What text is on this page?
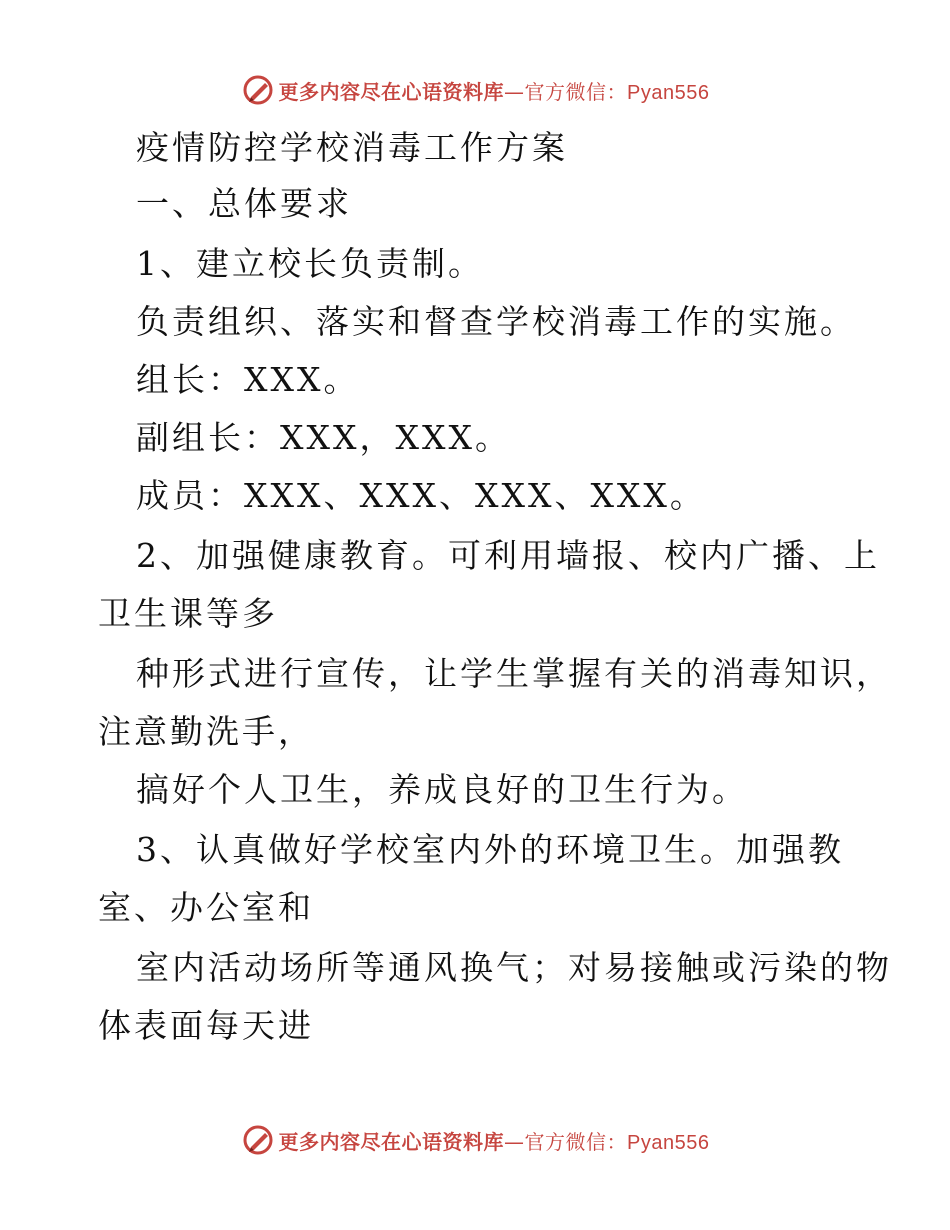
更多内容尽在心语资料库—官方微信：Pyan556
疫情防控学校消毒工作方案
一、总体要求
1、建立校长负责制。
负责组织、落实和督查学校消毒工作的实施。
组长：XXX。
副组长：XXX，XXX。
成员：XXX、XXX、XXX、XXX。
2、加强健康教育。可利用墙报、校内广播、上
卫生课等多
种形式进行宣传，让学生掌握有关的消毒知识，
注意勤洗手，
搞好个人卫生，养成良好的卫生行为。
3、认真做好学校室内外的环境卫生。加强教
室、办公室和
室内活动场所等通风换气；对易接触或污染的物
体表面每天进
更多内容尽在心语资料库—官方微信：Pyan556
